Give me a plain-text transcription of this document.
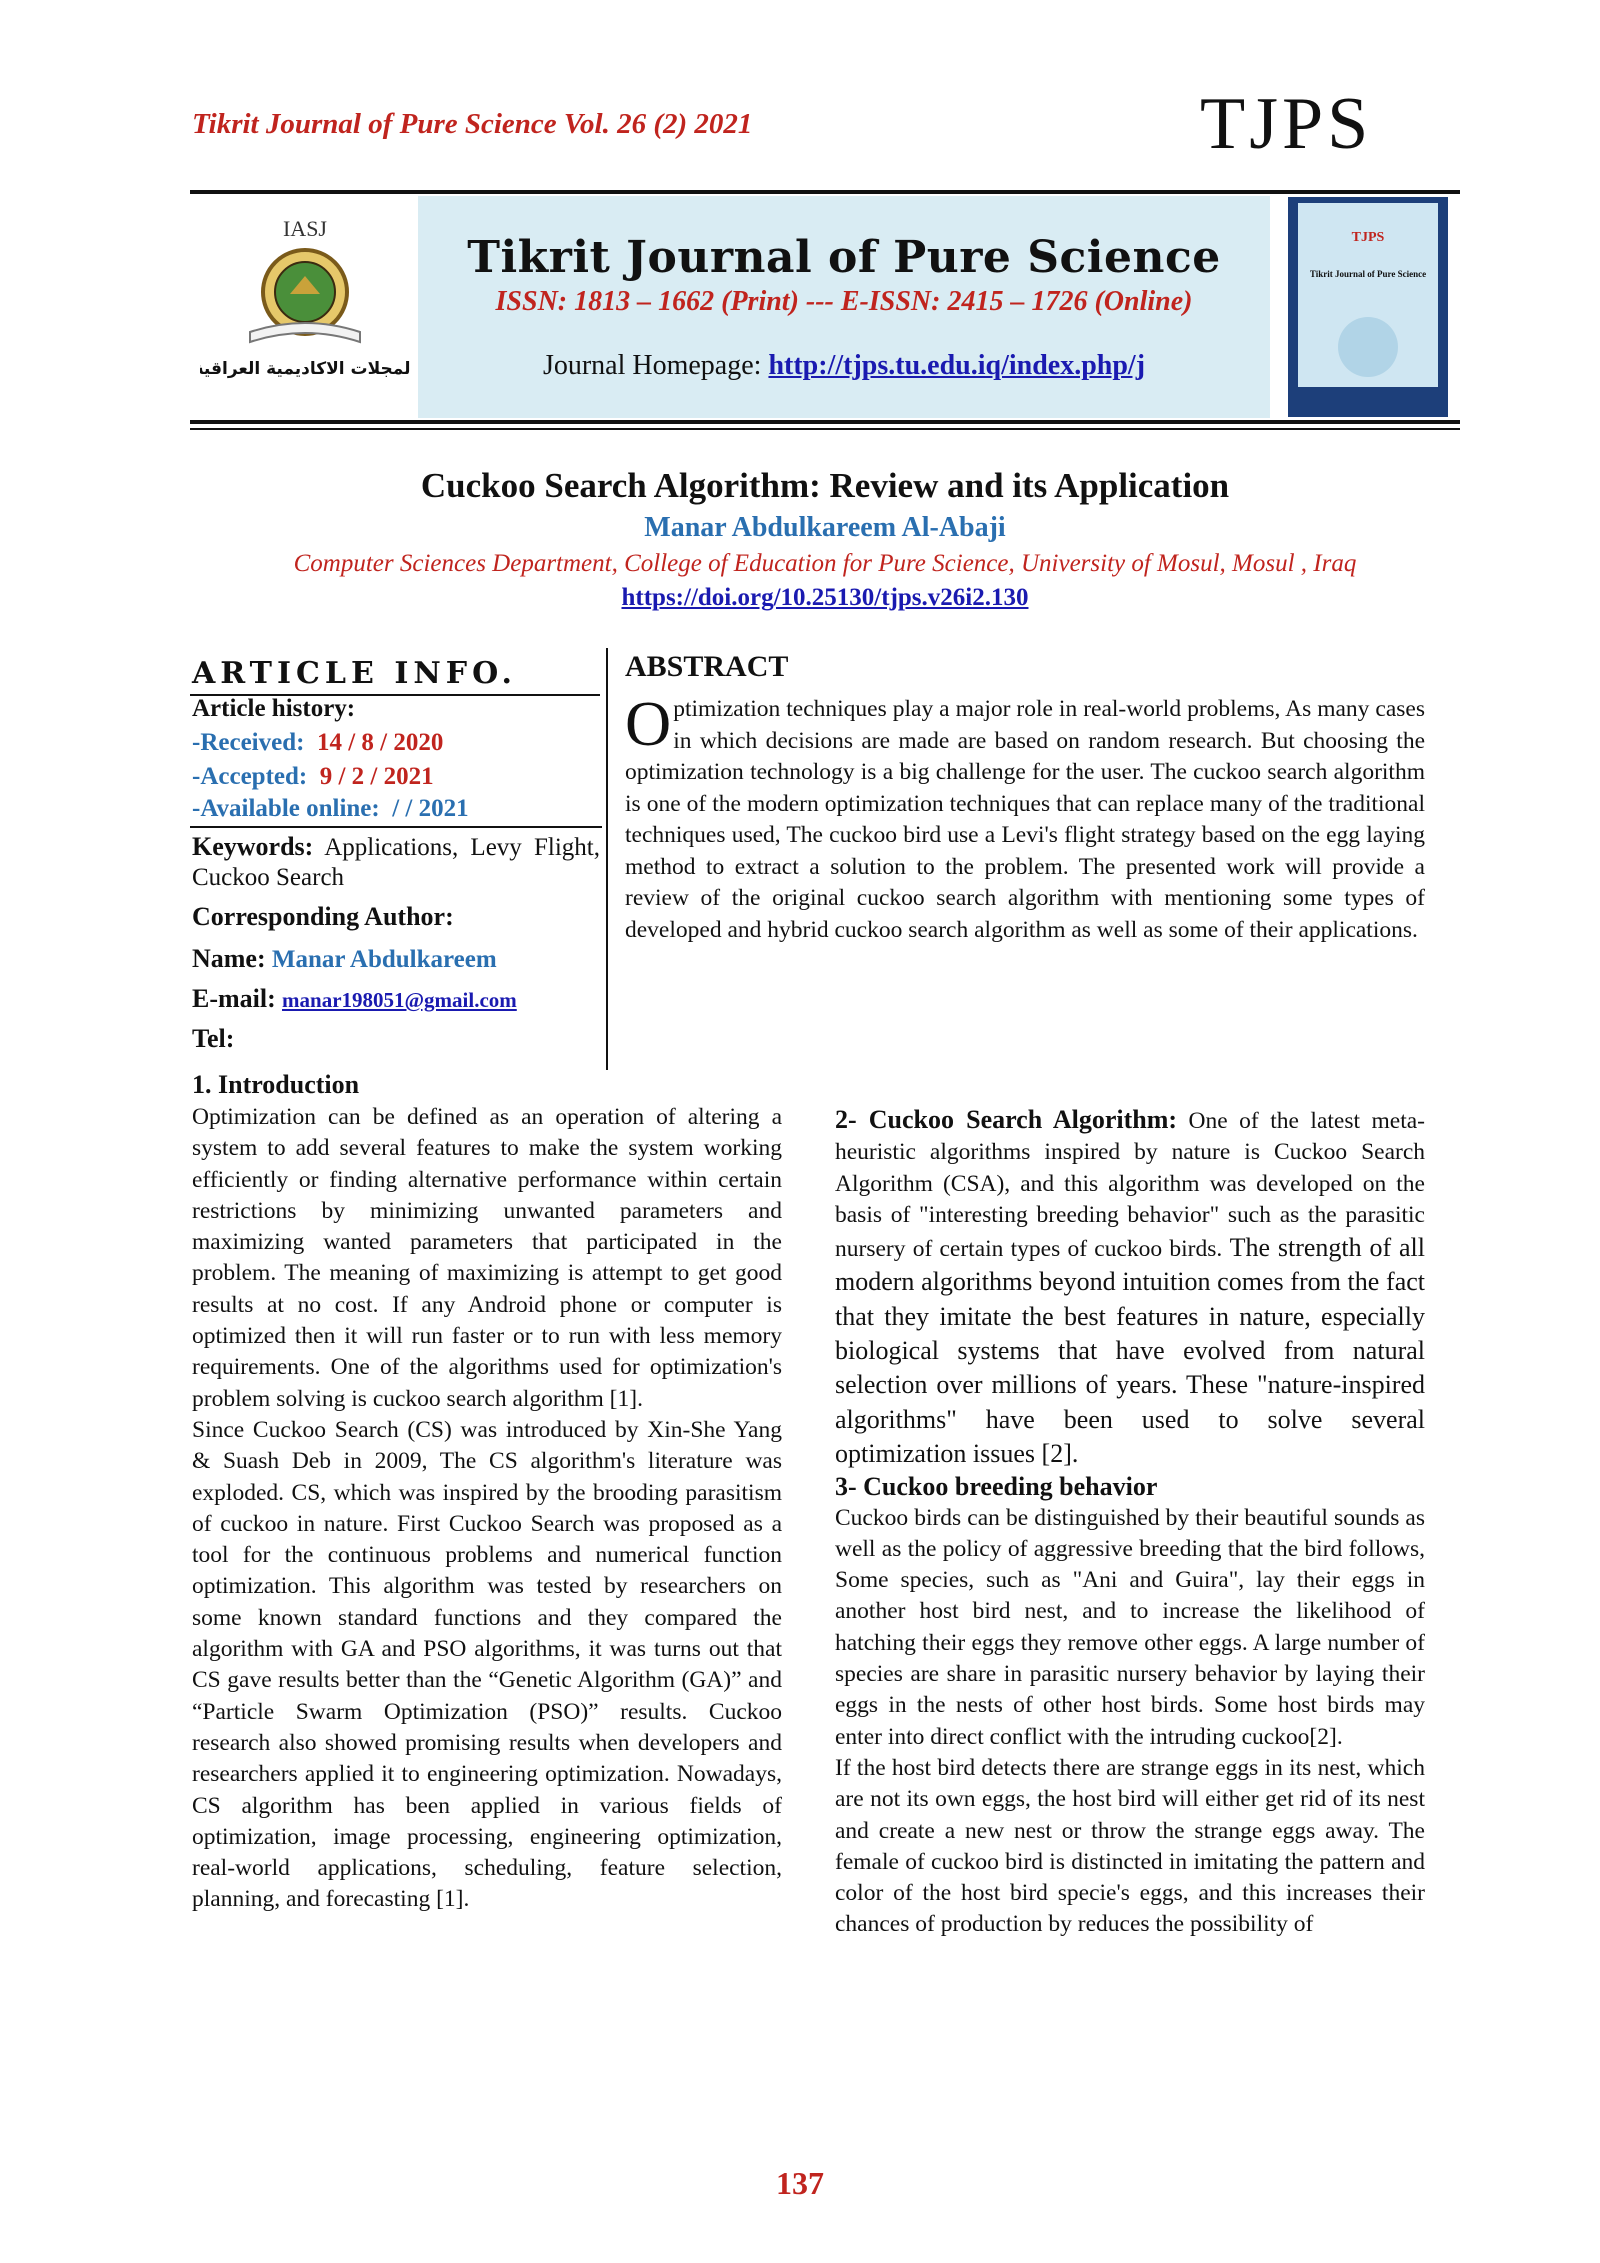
Tikrit Journal of Pure Science Vol. 26 (2) 2021	TJPS
IASJ
المجلات الاكاديمية العراقية
Tikrit Journal of Pure Science
ISSN: 1813 – 1662 (Print) --- E-ISSN: 2415 – 1726 (Online)
Journal Homepage: http://tjps.tu.edu.iq/index.php/j
TJPS
Tikrit Journal of Pure Science
Cuckoo Search Algorithm: Review and its Application
Manar Abdulkareem Al-Abaji
Computer Sciences Department, College of Education for Pure Science, University of Mosul, Mosul , Iraq
https://doi.org/10.25130/tjps.v26i2.130
ARTICLE INFO.
Article history:
-Received: 14 / 8 / 2020
-Accepted: 9 / 2 / 2021
-Available online: / / 2021
Keywords: Applications, Levy Flight, Cuckoo Search
Corresponding Author:
Name: Manar Abdulkareem
E-mail: manar198051@gmail.com
Tel:
ABSTRACT
Optimization techniques play a major role in real-world problems, As many cases in which decisions are made are based on random research. But choosing the optimization technology is a big challenge for the user. The cuckoo search algorithm is one of the modern optimization techniques that can replace many of the traditional techniques used, The cuckoo bird use a Levi's flight strategy based on the egg laying method to extract a solution to the problem. The presented work will provide a review of the original cuckoo search algorithm with mentioning some types of developed and hybrid cuckoo search algorithm as well as some of their applications.
1. Introduction

Optimization can be defined as an operation of altering a system to add several features to make the system working efficiently or finding alternative performance within certain restrictions by minimizing unwanted parameters and maximizing wanted parameters that participated in the problem. The meaning of maximizing is attempt to get good results at no cost. If any Android phone or computer is optimized then it will run faster or to run with less memory requirements. One of the algorithms used for optimization's problem solving is cuckoo search algorithm [1].

Since Cuckoo Search (CS) was introduced by Xin-She Yang & Suash Deb in 2009, The CS algorithm's literature was exploded. CS, which was inspired by the brooding parasitism of cuckoo in nature. First Cuckoo Search was proposed as a tool for the continuous problems and numerical function optimization. This algorithm was tested by researchers on some known standard functions and they compared the algorithm with GA and PSO algorithms, it was turns out that CS gave results better than the “Genetic Algorithm (GA)” and “Particle Swarm Optimization (PSO)” results. Cuckoo research also showed promising results when developers and researchers applied it to engineering optimization. Nowadays, CS algorithm has been applied in various fields of optimization, image processing, engineering optimization, real-world applications, scheduling, feature selection, planning, and forecasting [1].

2- Cuckoo Search Algorithm: One of the latest meta-heuristic algorithms inspired by nature is Cuckoo Search Algorithm (CSA), and this algorithm was developed on the basis of "interesting breeding behavior" such as the parasitic nursery of certain types of cuckoo birds. The strength of all modern algorithms beyond intuition comes from the fact that they imitate the best features in nature, especially biological systems that have evolved from natural selection over millions of years. These "nature-inspired algorithms" have been used to solve several optimization issues [2].

3- Cuckoo breeding behavior

Cuckoo birds can be distinguished by their beautiful sounds as well as the policy of aggressive breeding that the bird follows, Some species, such as "Ani and Guira", lay their eggs in another host bird nest, and to increase the likelihood of hatching their eggs they remove other eggs. A large number of species are share in parasitic nursery behavior by laying their eggs in the nests of other host birds. Some host birds may enter into direct conflict with the intruding cuckoo[2].

If the host bird detects there are strange eggs in its nest, which are not its own eggs, the host bird will either get rid of its nest and create a new nest or throw the strange eggs away. The female of cuckoo bird is distincted in imitating the pattern and color of the host bird specie's eggs, and this increases their chances of production by reduces the possibility of

137
